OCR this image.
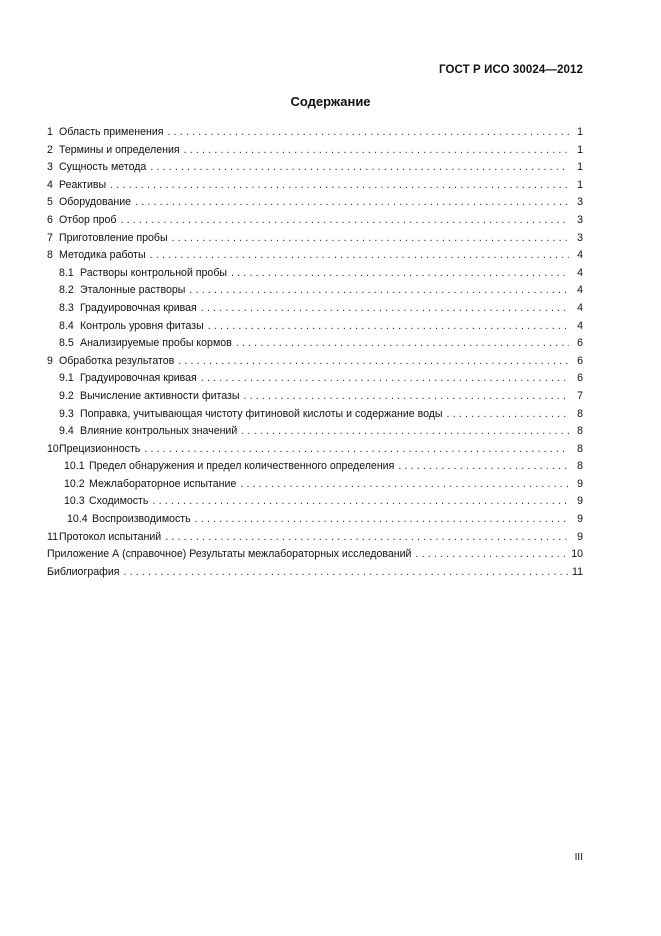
ГОСТ Р ИСО 30024—2012
Содержание
1 Область применения .....	1
2 Термины и определения .....	1
3 Сущность метода .....	1
4 Реактивы .....	1
5 Оборудование .....	3
6 Отбор проб .....	3
7 Приготовление пробы .....	3
8 Методика работы .....	4
8.1 Растворы контрольной пробы .....	4
8.2 Эталонные растворы .....	4
8.3 Градуировочная кривая .....	4
8.4 Контроль уровня фитазы .....	4
8.5 Анализируемые пробы кормов .....	6
9 Обработка результатов .....	6
9.1 Градуировочная кривая .....	6
9.2 Вычисление активности фитазы .....	7
9.3 Поправка, учитывающая чистоту фитиновой кислоты и содержание воды .....	8
9.4 Влияние контрольных значений .....	8
10 Прецизионность .....	8
10.1 Предел обнаружения и предел количественного определения .....	8
10.2 Межлабораторное испытание .....	9
10.3 Сходимость .....	9
10.4 Воспроизводимость .....	9
11 Протокол испытаний .....	9
Приложение А (справочное) Результаты межлабораторных исследований .....	10
Библиография .....	11
III
